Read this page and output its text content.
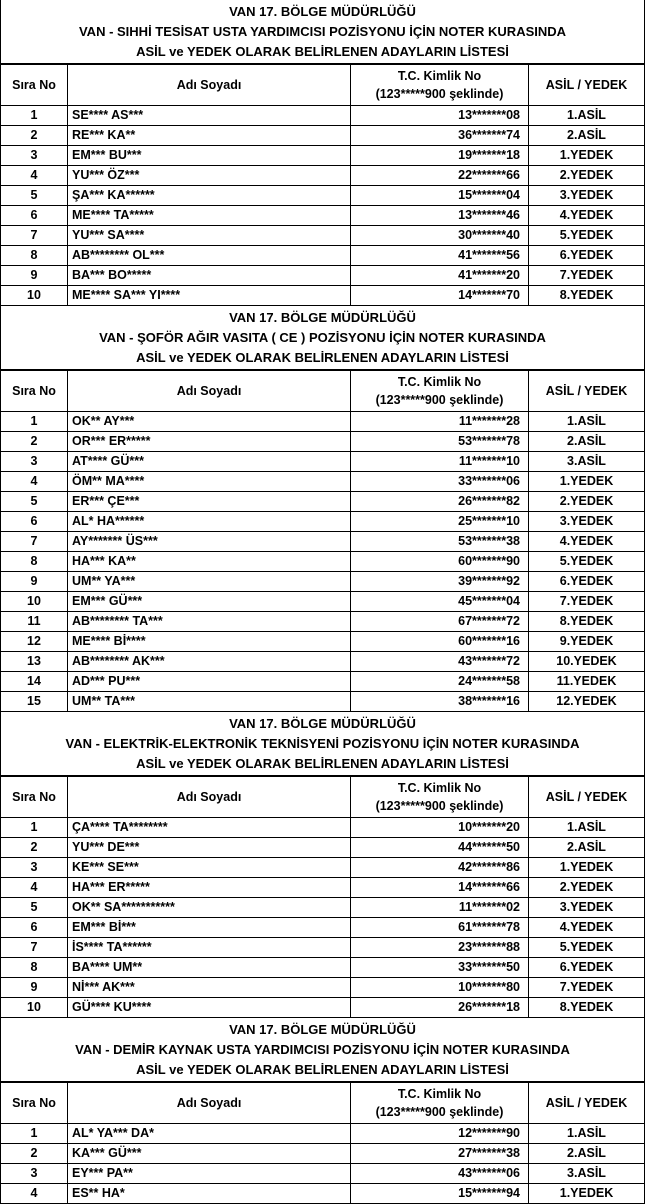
VAN 17. BÖLGE MÜDÜRLÜĞÜ
VAN - SIHHİ TESİSAT USTA YARDIMCISI POZİSYONU İÇİN NOTER KURASINDA
ASİL ve YEDEK OLARAK BELİRLENEN ADAYLARIN LİSTESİ
Sıra No	Adı Soyadı	T.C. Kimlik No
(123*****900 şeklinde)	ASİL / YEDEK
1	SE**** AS***	13*******08	1.ASİL
2	RE*** KA**	36*******74	2.ASİL
3	EM*** BU***	19*******18	1.YEDEK
4	YU*** ÖZ***	22*******66	2.YEDEK
5	ŞA*** KA******	15*******04	3.YEDEK
6	ME**** TA*****	13*******46	4.YEDEK
7	YU*** SA****	30*******40	5.YEDEK
8	AB******** OL***	41*******56	6.YEDEK
9	BA*** BO*****	41*******20	7.YEDEK
10	ME**** SA*** YI****	14*******70	8.YEDEK
VAN 17. BÖLGE MÜDÜRLÜĞÜ
VAN - ŞOFÖR AĞIR VASITA ( CE ) POZİSYONU İÇİN NOTER KURASINDA
ASİL ve YEDEK OLARAK BELİRLENEN ADAYLARIN LİSTESİ
Sıra No	Adı Soyadı	T.C. Kimlik No
(123*****900 şeklinde)	ASİL / YEDEK
1	OK** AY***	11*******28	1.ASİL
2	OR*** ER*****	53*******78	2.ASİL
3	AT**** GÜ***	11*******10	3.ASİL
4	ÖM** MA****	33*******06	1.YEDEK
5	ER*** ÇE***	26*******82	2.YEDEK
6	AL* HA******	25*******10	3.YEDEK
7	AY******* ÜS***	53*******38	4.YEDEK
8	HA*** KA**	60*******90	5.YEDEK
9	UM** YA***	39*******92	6.YEDEK
10	EM*** GÜ***	45*******04	7.YEDEK
11	AB******** TA***	67*******72	8.YEDEK
12	ME**** Bİ****	60*******16	9.YEDEK
13	AB******** AK***	43*******72	10.YEDEK
14	AD*** PU***	24*******58	11.YEDEK
15	UM** TA***	38*******16	12.YEDEK
VAN 17. BÖLGE MÜDÜRLÜĞÜ
VAN - ELEKTRİK-ELEKTRONİK TEKNİSYENİ POZİSYONU İÇİN NOTER KURASINDA
ASİL ve YEDEK OLARAK BELİRLENEN ADAYLARIN LİSTESİ
Sıra No	Adı Soyadı	T.C. Kimlik No
(123*****900 şeklinde)	ASİL / YEDEK
1	ÇA**** TA********	10*******20	1.ASİL
2	YU*** DE***	44*******50	2.ASİL
3	KE*** SE***	42*******86	1.YEDEK
4	HA*** ER*****	14*******66	2.YEDEK
5	OK** SA***********	11*******02	3.YEDEK
6	EM*** Bİ***	61*******78	4.YEDEK
7	İS**** TA******	23*******88	5.YEDEK
8	BA**** UM**	33*******50	6.YEDEK
9	Nİ*** AK***	10*******80	7.YEDEK
10	GÜ**** KU****	26*******18	8.YEDEK
VAN 17. BÖLGE MÜDÜRLÜĞÜ
VAN - DEMİR KAYNAK USTA YARDIMCISI POZİSYONU İÇİN NOTER KURASINDA
ASİL ve YEDEK OLARAK BELİRLENEN ADAYLARIN LİSTESİ
Sıra No	Adı Soyadı	T.C. Kimlik No
(123*****900 şeklinde)	ASİL / YEDEK
1	AL* YA*** DA*	12*******90	1.ASİL
2	KA*** GÜ***	27*******38	2.ASİL
3	EY*** PA**	43*******06	3.ASİL
4	ES** HA*	15*******94	1.YEDEK
